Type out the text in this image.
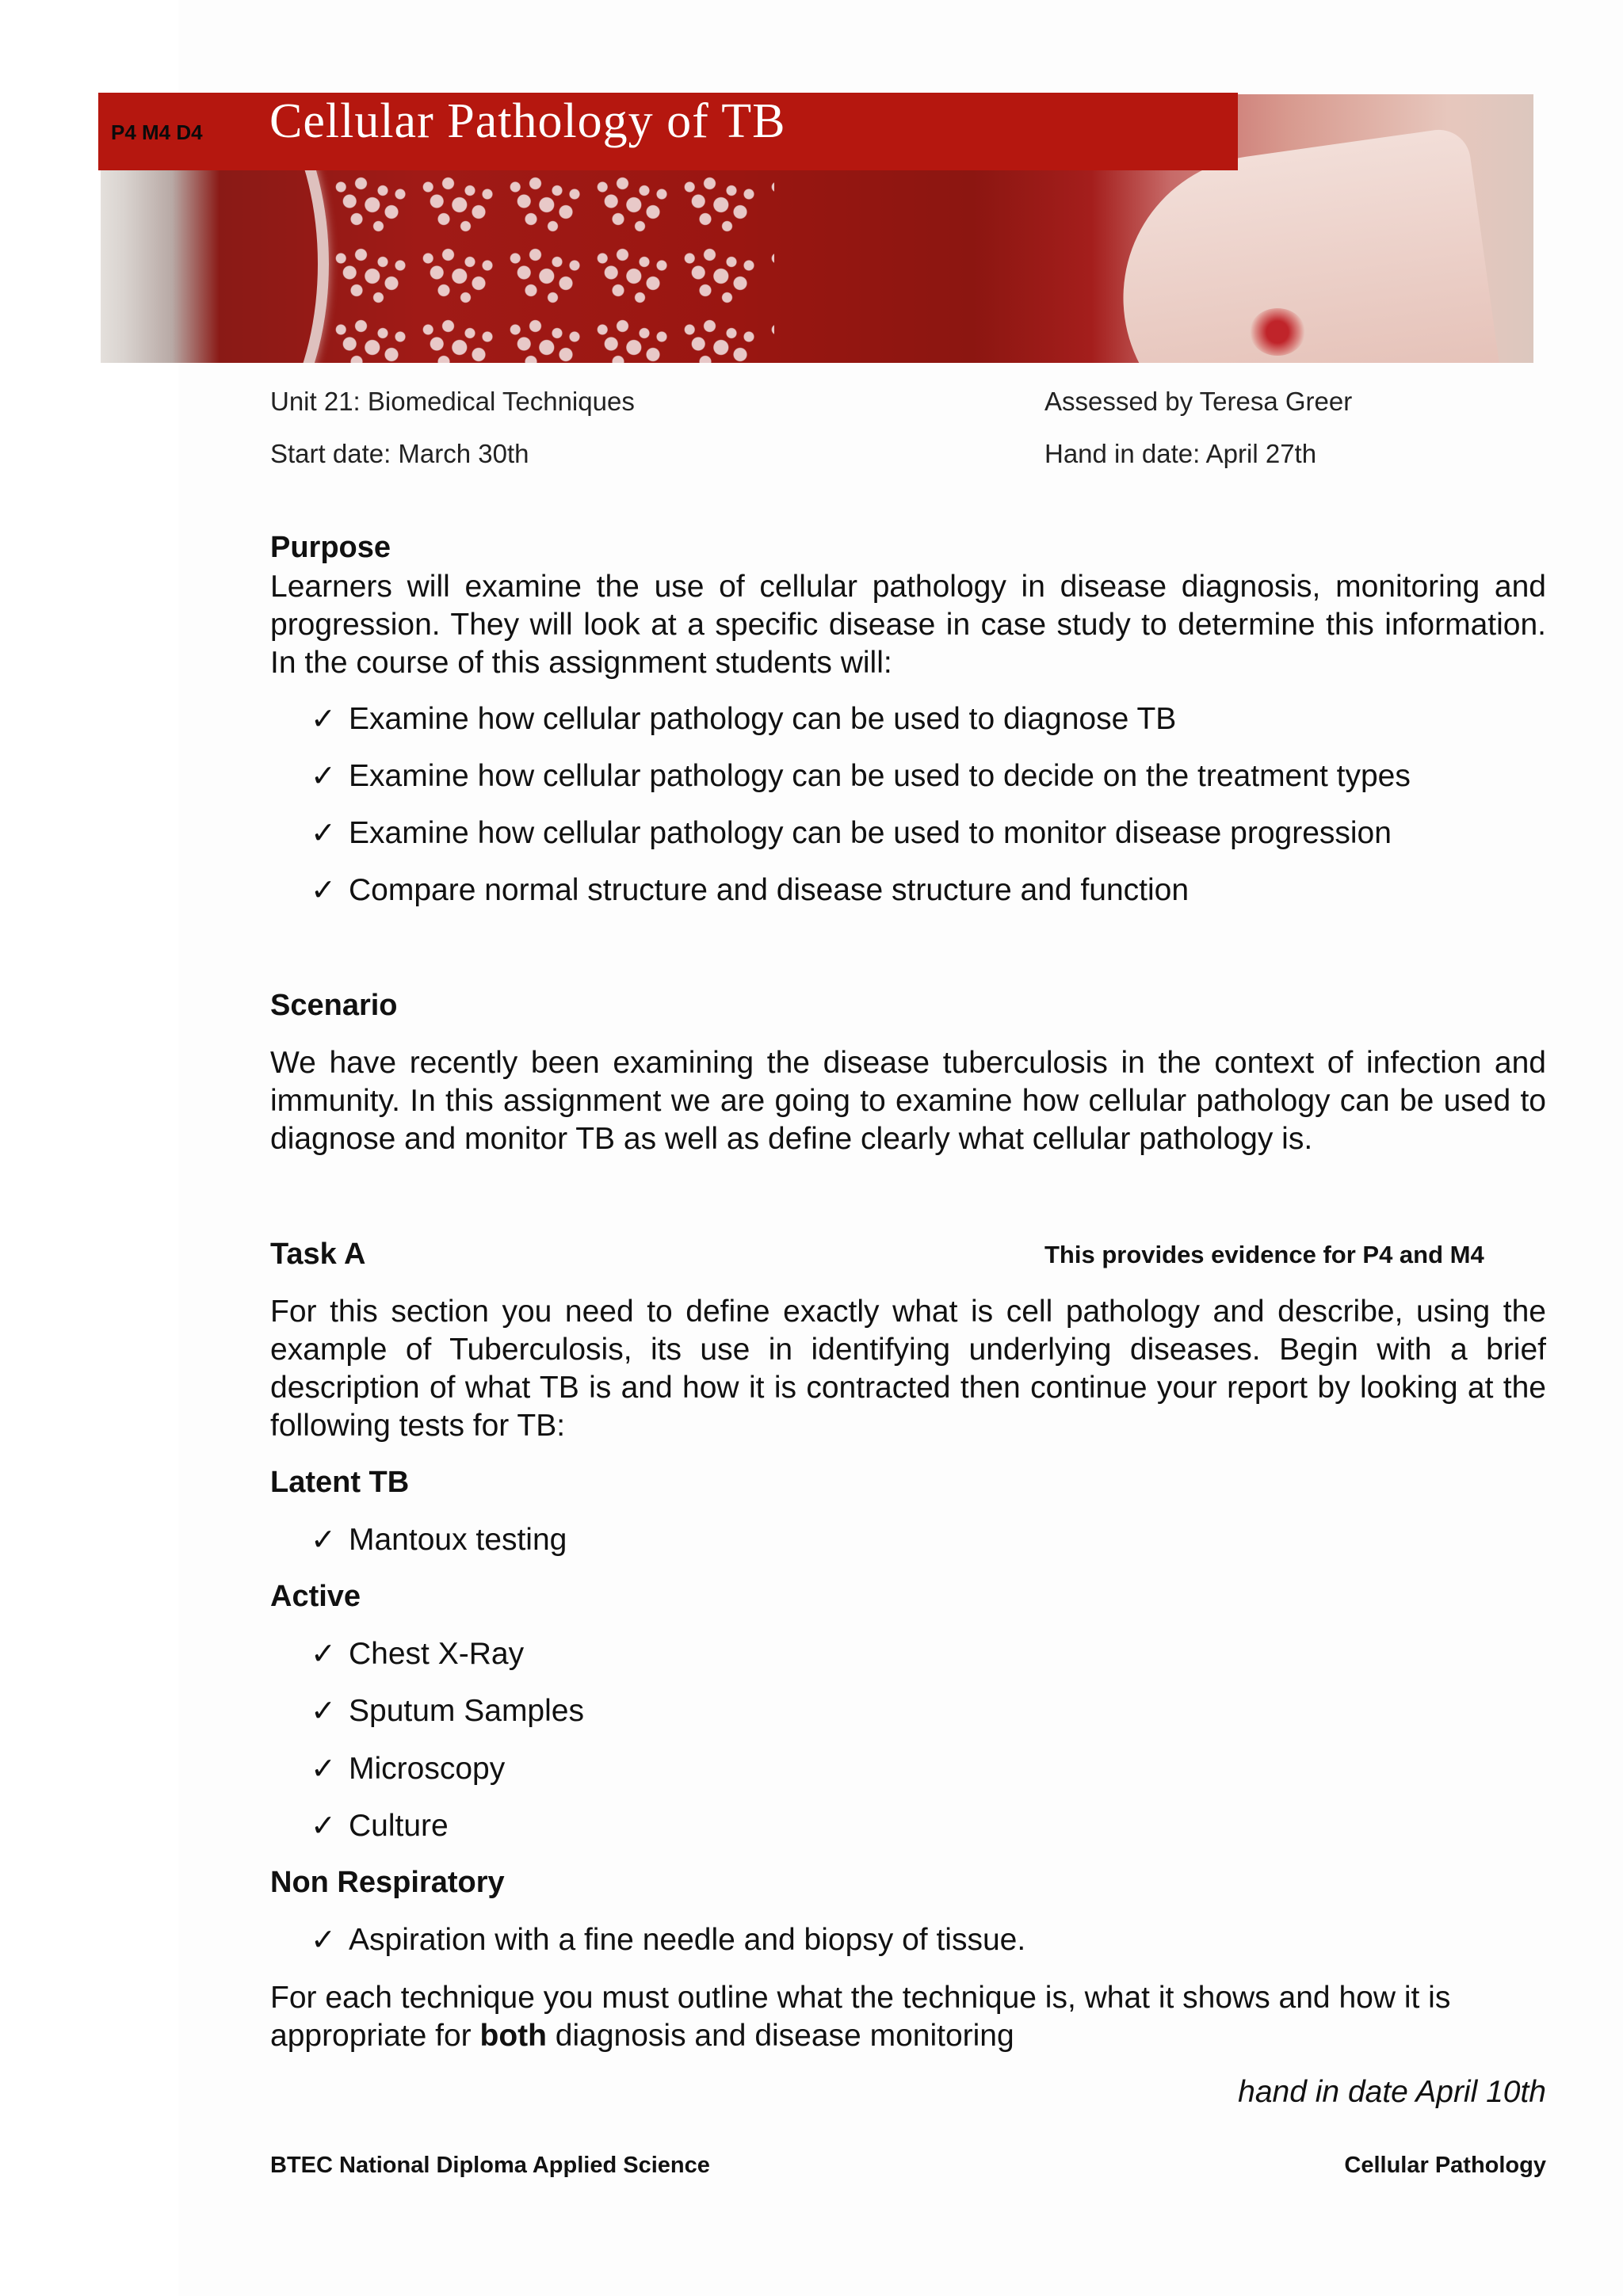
P4 M4 D4 Cellular Pathology of TB
Unit 21: Biomedical Techniques	Assessed by Teresa Greer
Start date: March 30th	Hand in date: April 27th
Purpose
Learners will examine the use of cellular pathology in disease diagnosis, monitoring and progression. They will look at a specific disease in case study to determine this information. In the course of this assignment students will:
✓ Examine how cellular pathology can be used to diagnose TB
✓ Examine how cellular pathology can be used to decide on the treatment types
✓ Examine how cellular pathology can be used to monitor disease progression
✓ Compare normal structure and disease structure and function
Scenario
We have recently been examining the disease tuberculosis in the context of infection and immunity. In this assignment we are going to examine how cellular pathology can be used to diagnose and monitor TB as well as define clearly what cellular pathology is.
Task A	This provides evidence for P4 and M4
For this section you need to define exactly what is cell pathology and describe, using the example of Tuberculosis, its use in identifying underlying diseases. Begin with a brief description of what TB is and how it is contracted then continue your report by looking at the following tests for TB:
Latent TB
✓ Mantoux testing
Active
✓ Chest X-Ray
✓ Sputum Samples
✓ Microscopy
✓ Culture
Non Respiratory
✓ Aspiration with a fine needle and biopsy of tissue.
For each technique you must outline what the technique is, what it shows and how it is appropriate for both diagnosis and disease monitoring
hand in date April 10th
BTEC National Diploma Applied Science	Cellular Pathology
